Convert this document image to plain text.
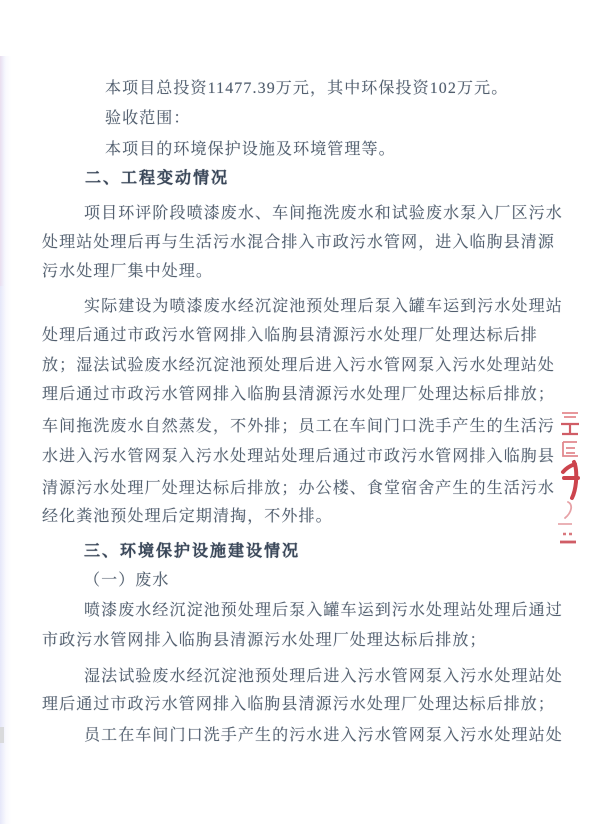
本项目总投资11477.39万元，其中环保投资102万元。
验收范围：
本项目的环境保护设施及环境管理等。
二、工程变动情况
项目环评阶段喷漆废水、车间拖洗废水和试验废水泵入厂区污水
处理站处理后再与生活污水混合排入市政污水管网，进入临朐县清源
污水处理厂集中处理。
实际建设为喷漆废水经沉淀池预处理后泵入罐车运到污水处理站
处理后通过市政污水管网排入临朐县清源污水处理厂处理达标后排
放；湿法试验废水经沉淀池预处理后进入污水管网泵入污水处理站处
理后通过市政污水管网排入临朐县清源污水处理厂处理达标后排放；
车间拖洗废水自然蒸发，不外排；员工在车间门口洗手产生的生活污
水进入污水管网泵入污水处理站处理后通过市政污水管网排入临朐县
清源污水处理厂处理达标后排放；办公楼、食堂宿舍产生的生活污水
经化粪池预处理后定期清掏，不外排。
三、环境保护设施建设情况
（一）废水
喷漆废水经沉淀池预处理后泵入罐车运到污水处理站处理后通过
市政污水管网排入临朐县清源污水处理厂处理达标后排放；
湿法试验废水经沉淀池预处理后进入污水管网泵入污水处理站处
理后通过市政污水管网排入临朐县清源污水处理厂处理达标后排放；
员工在车间门口洗手产生的污水进入污水管网泵入污水处理站处
